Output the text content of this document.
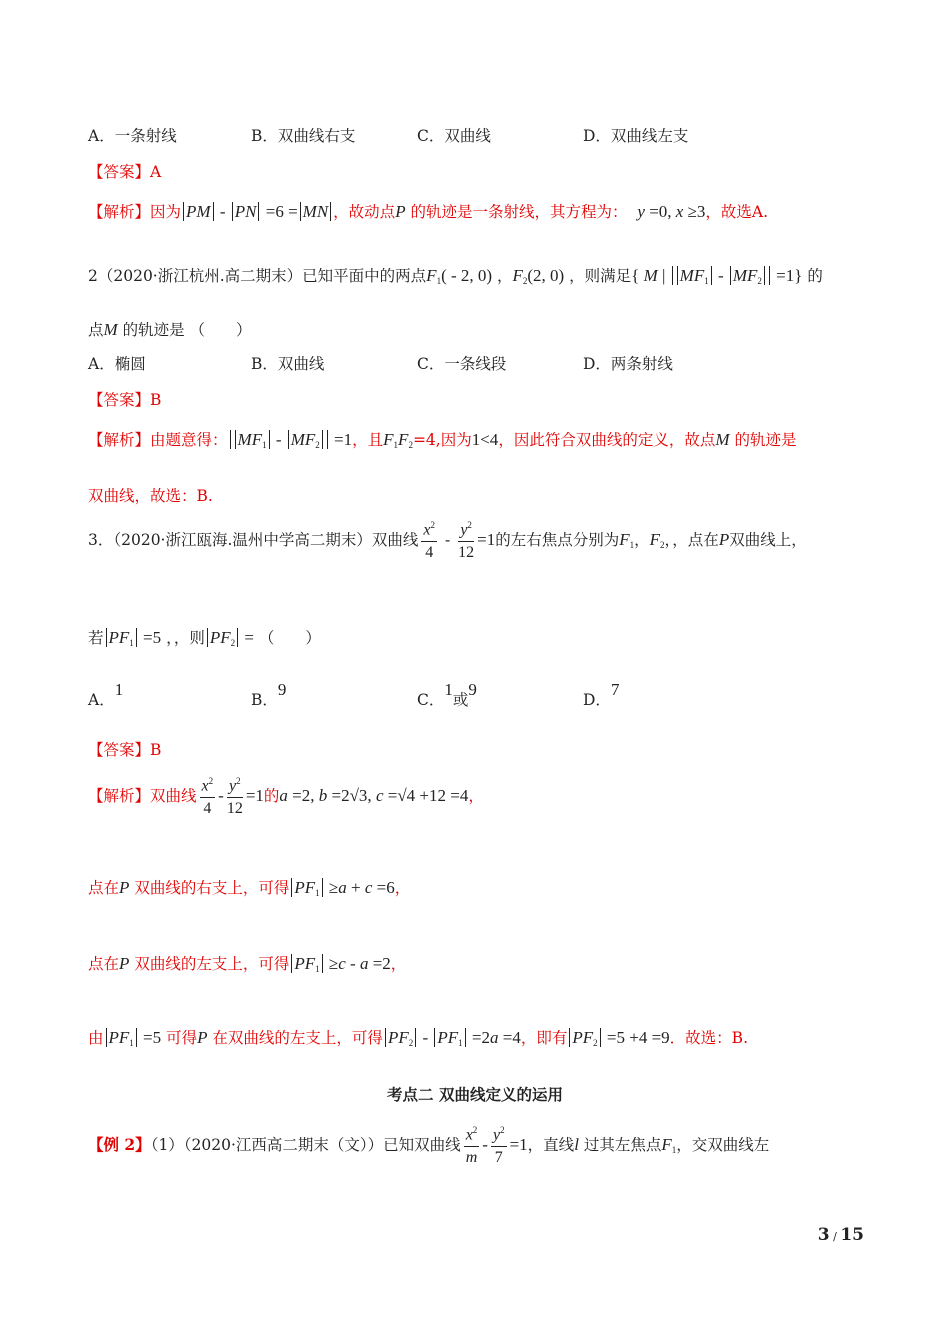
A．一条射线	B．双曲线右支	C．双曲线	D．双曲线左支
【答案】A
【解析】因为 PM - PN =6 = MN ，故动点P 的轨迹是一条射线，其方程为： y =0, x ≥3，故选A.
2（2020·浙江杭州.高二期末）已知平面中的两点$F_1( - 2$, 0) ，$F_2(2$, 0) ，则满足{ M | $MF_1 - MF_2 =1$} 的
点M 的轨迹是 （　　）
A．椭圆	B．双曲线	C．一条线段	D．两条射线
【答案】B
【解析】由题意得： $MF_1 - MF_2 =1$，且$F_1F_2=4$,因为1<4，因此符合双曲线的定义，故点M 的轨迹是
双曲线，故选：B.
3．（2020·浙江瓯海.温州中学高二期末）双曲线 $\frac{x^2}{4} - \frac{y^2}{12} =1$的左右焦点分别为$F_1$，$F_2$，，点在P双曲线上，
若 $PF_1 =5$ ，，则 $PF_2$ = （　　）
A．1
B．9
C．1或9
D．7
【答案】B
【解析】双曲线 $\frac{x^2}{4} - \frac{y^2}{12} =1$的a =2, b =2√3, c =√4 +12 =4，
点在P 双曲线的右支上，可得 $PF_1 \ge a + c =6$，
点在P 双曲线的左支上，可得 $PF_1 \ge c - a =2$，
由 $PF_1 =5$ 可得P 在双曲线的左支上，可得 $PF_2 - PF_1 =2a =4$，即有 $PF_2 =5 +4 =9$．故选：B.
考点二 双曲线定义的运用
【例 2】（1）（2020·江西高二期末（文））已知双曲线 $\frac{x^2}{m} - \frac{y^2}{7} =1$，直线l 过其左焦点$F_1$，交双曲线左
3 / 15
